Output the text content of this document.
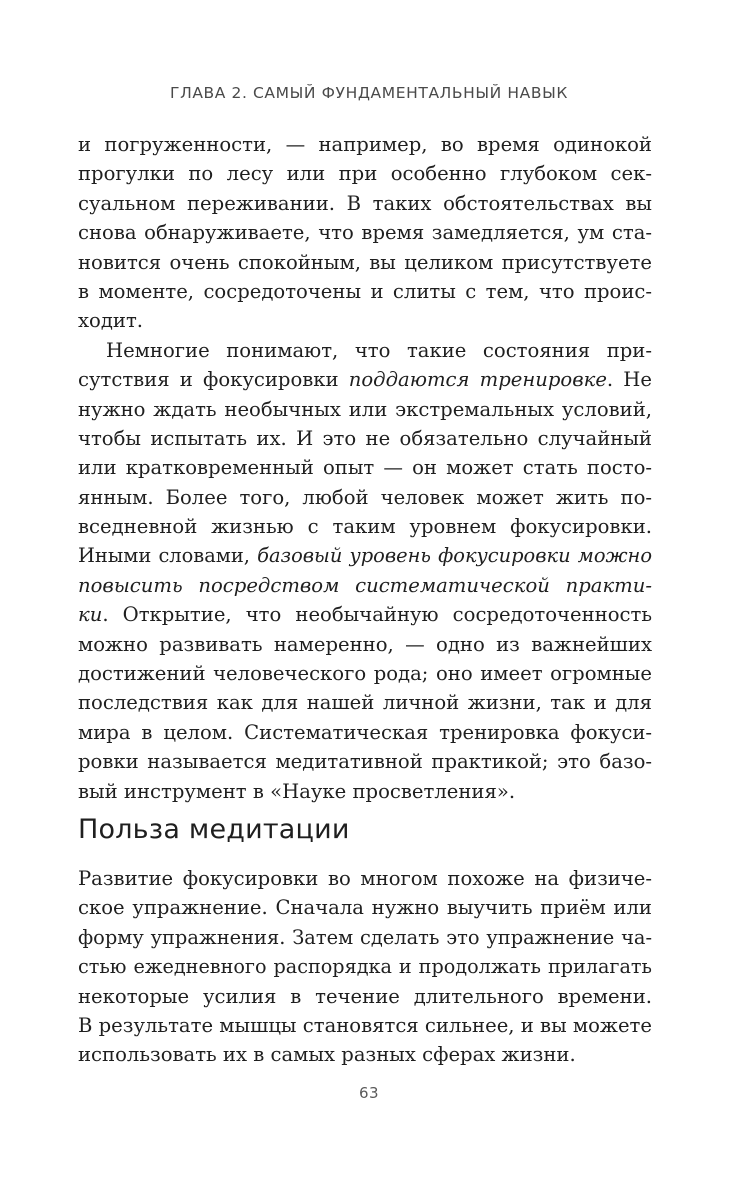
ГЛАВА 2. САМЫЙ ФУНДАМЕНТАЛЬНЫЙ НАВЫК
и погруженности, — например, во время одинокой
прогулки по лесу или при особенно глубоком сек-
суальном переживании. В таких обстоятельствах вы
снова обнаруживаете, что время замедляется, ум ста-
новится очень спокойным, вы целиком присутствуете
в моменте, сосредоточены и слиты с тем, что проис-
ходит.
Немногие понимают, что такие состояния при-
сутствия и фокусировки поддаются тренировке. Не
нужно ждать необычных или экстремальных условий,
чтобы испытать их. И это не обязательно случайный
или кратковременный опыт — он может стать посто-
янным. Более того, любой человек может жить по-
вседневной жизнью с таким уровнем фокусировки.
Иными словами, базовый уровень фокусировки можно
повысить посредством систематической практи-
ки. Открытие, что необычайную сосредоточенность
можно развивать намеренно, — одно из важнейших
достижений человеческого рода; оно имеет огромные
последствия как для нашей личной жизни, так и для
мира в целом. Систематическая тренировка фокуси-
ровки называется медитативной практикой; это базо-
вый инструмент в «Науке просветления».
Польза медитации
Развитие фокусировки во многом похоже на физиче-
ское упражнение. Сначала нужно выучить приём или
форму упражнения. Затем сделать это упражнение ча-
стью ежедневного распорядка и продолжать прилагать
некоторые усилия в течение длительного времени.
В результате мышцы становятся сильнее, и вы можете
использовать их в самых разных сферах жизни.
63
